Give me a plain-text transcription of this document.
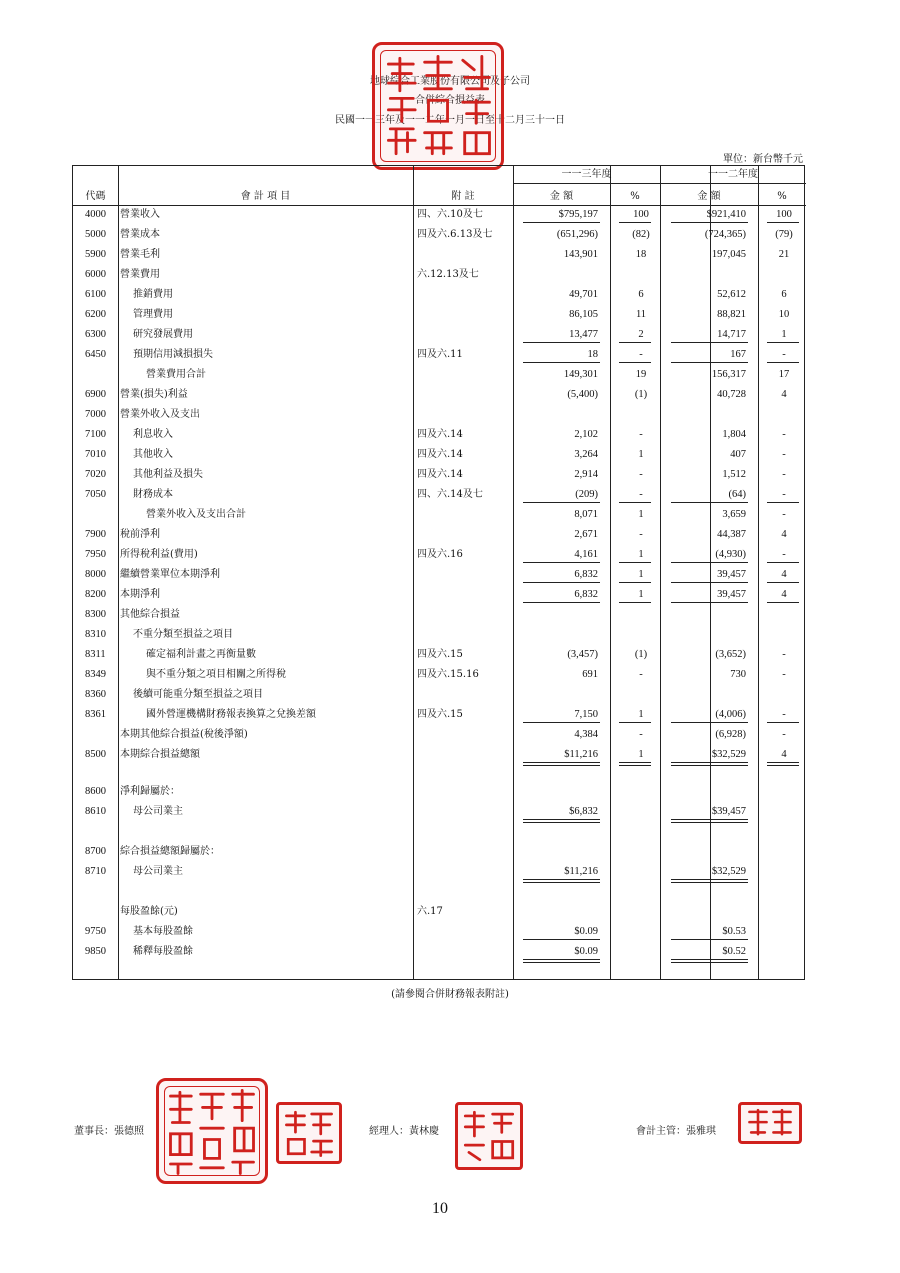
地球綜合工業股份有限公司及子公司
合併綜合損益表
民國一一三年及一一二年一月一日至十二月三十一日
單位：新台幣千元
代碼	會 計 項 目	附 註
一一三年度	一一二年度
金 額	%	金 額	%
4000 營業收入	四、六.10及七	$795,197	100	$921,410	100
5000 營業成本	四及六.6.13及七	(651,296)	(82)	(724,365)	(79)
5900 營業毛利	143,901	18	197,045	21
6000 營業費用	六.12.13及七
6100	推銷費用	49,701	6	52,612	6
6200	管理費用	86,105	11	88,821	10
6300	研究發展費用	13,477	2	14,717	1
6450	預期信用減損損失	四及六.11	18	-	167	-
營業費用合計	149,301	19	156,317	17
6900 營業(損失)利益	(5,400)	(1)	40,728	4
7000 營業外收入及支出
7100	利息收入	四及六.14	2,102	-	1,804	-
7010	其他收入	四及六.14	3,264	1	407	-
7020	其他利益及損失	四及六.14	2,914	-	1,512	-
7050	財務成本	四、六.14及七	(209)	-	(64)	-
營業外收入及支出合計	8,071	1	3,659	-
7900 稅前淨利	2,671	-	44,387	4
7950 所得稅利益(費用)	四及六.16	4,161	1	(4,930)	-
8000 繼續營業單位本期淨利	6,832	1	39,457	4
8200 本期淨利	6,832	1	39,457	4
8300 其他綜合損益
8310	不重分類至損益之項目
8311	確定福利計畫之再衡量數	四及六.15	(3,457)	(1)	(3,652)	-
8349	與不重分類之項目相關之所得稅	四及六.15.16	691	-	730	-
8360	後續可能重分類至損益之項目
8361	國外營運機構財務報表換算之兌換差額	四及六.15	7,150	1	(4,006)	-
本期其他綜合損益(稅後淨額)	4,384	-	(6,928)	-
8500 本期綜合損益總額	$11,216	1	$32,529	4
8600 淨利歸屬於：
8610	母公司業主	$6,832	$39,457
8700 綜合損益總額歸屬於：
8710	母公司業主	$11,216	$32,529
每股盈餘(元)	六.17
9750	基本每股盈餘	$0.09	$0.53
9850	稀釋每股盈餘	$0.09	$0.52
(請參閱合併財務報表附註)
董事長：張德照	經理人：黃林慶	會計主管：張雅琪
10
